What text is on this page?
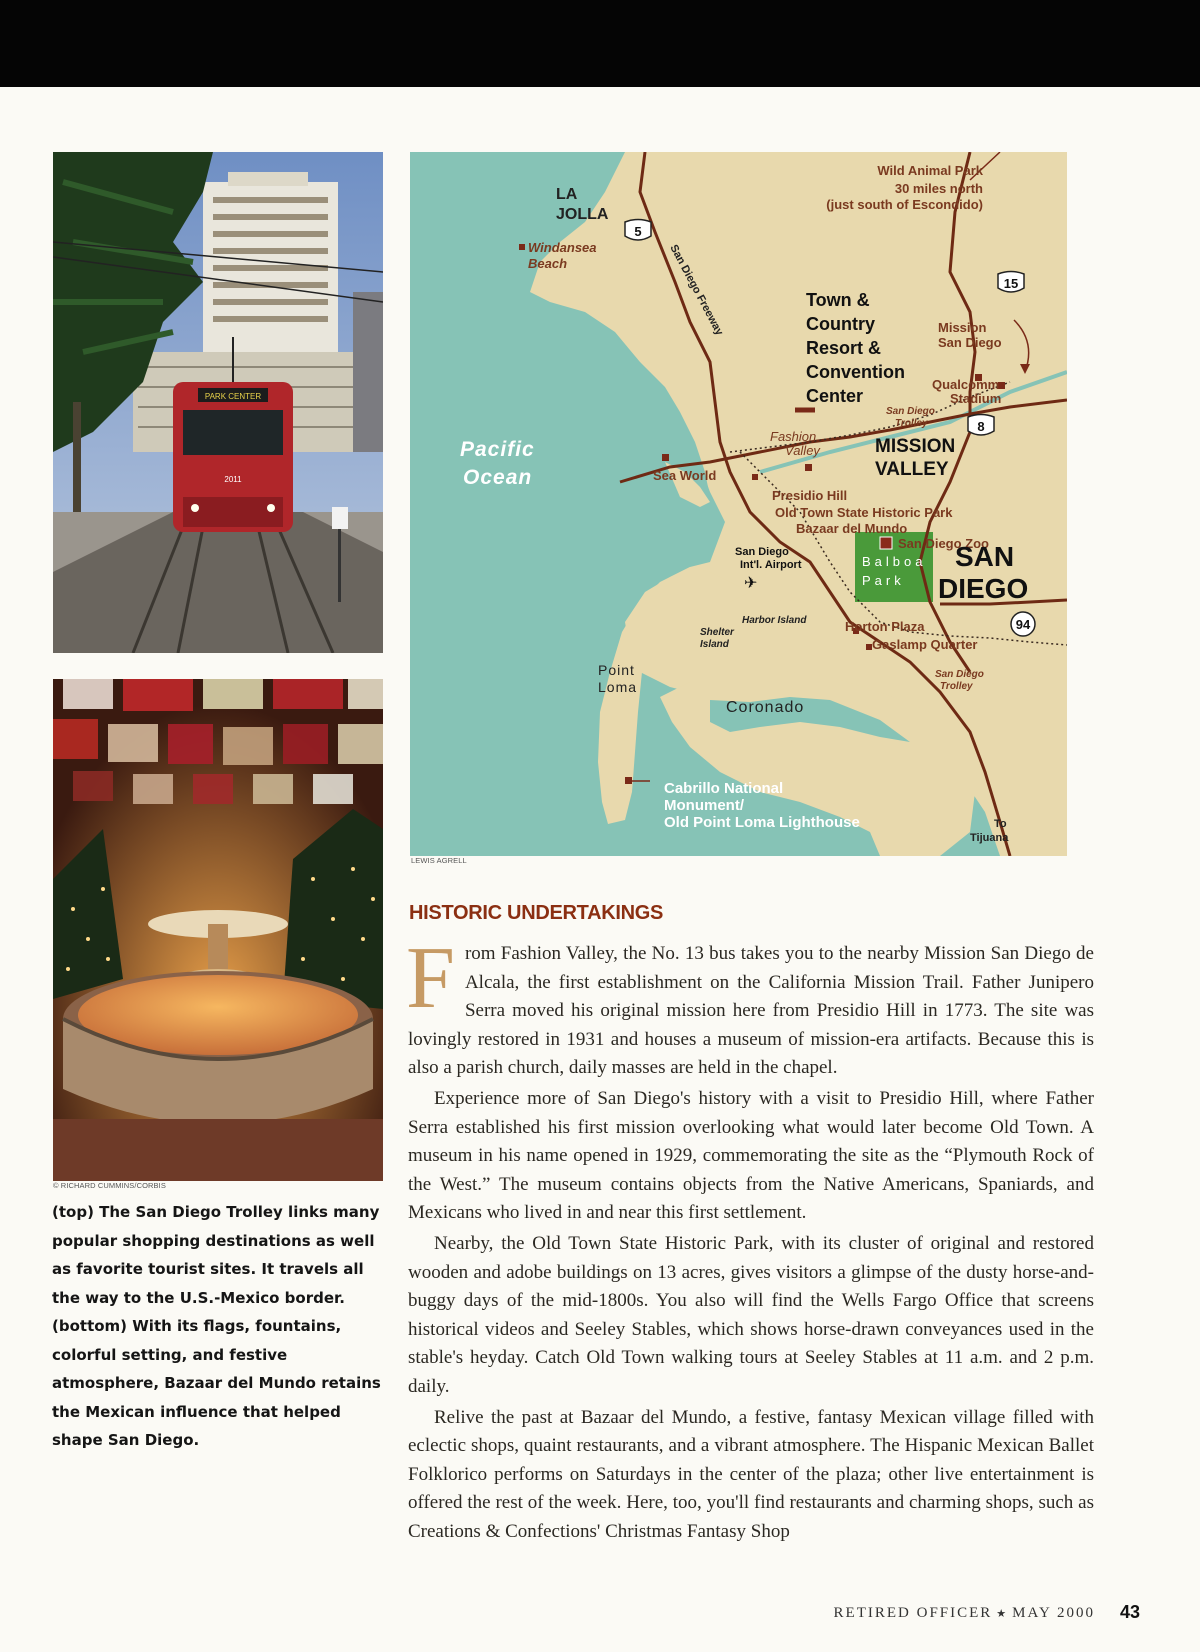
PARK CENTER
2011
© RICHARD CUMMINS/CORBIS

(top) The San Diego Trolley links many popular shopping destinations as well as favorite tourist sites. It travels all the way to the U.S.-Mexico border.

(bottom) With its flags, fountains, colorful setting, and festive atmosphere, Bazaar del Mundo retains the Mexican influence that helped shape San Diego.

5
15
8
94
LA
JOLLA
Windansea
Beach
Wild Animal Park
30 miles north
(just south of Escondido)
San Diego Freeway	Town &
Country
Resort &
Convention
Center
Mission
San Diego
Qualcomm
Stadium
San Diego
Trolley
Pacific
Ocean
Fashion
Valley	MISSION
VALLEY
Sea World
Presidio Hill
Old Town State Historic Park
Bazaar del Mundo
San Diego Zoo
Horton Plaza
Gaslamp Quarter
San Diego
Int'l. Airport
✈
Balboa
Park
SAN
DIEGO
Harbor Island
Shelter
Island
San Diego
Trolley
Point
Loma
Coronado
Cabrillo National
Monument/
Old Point Loma Lighthouse	To
Tijuana
LEWIS AGRELL
HISTORIC UNDERTAKINGS

From Fashion Valley, the No. 13 bus takes you to the nearby Mission San Diego de Alcala, the first establishment on the California Mission Trail. Father Junipero Serra moved his original mission here from Presidio Hill in 1773. The site was lovingly restored in 1931 and houses a museum of mission-era artifacts. Because this is also a parish church, daily masses are held in the chapel.

Experience more of San Diego's history with a visit to Presidio Hill, where Father Serra established his first mission overlooking what would later become Old Town. A museum in his name opened in 1929, commemorating the site as the “Plymouth Rock of the West.” The museum contains objects from the Native Americans, Spaniards, and Mexicans who lived in and near this first settlement.

Nearby, the Old Town State Historic Park, with its cluster of original and restored wooden and adobe buildings on 13 acres, gives visitors a glimpse of the dusty horse-and-buggy days of the mid-1800s. You also will find the Wells Fargo Office that screens historical videos and Seeley Stables, which shows horse-drawn conveyances used in the stable's heyday. Catch Old Town walking tours at Seeley Stables at 11 a.m. and 2 p.m. daily.

Relive the past at Bazaar del Mundo, a festive, fantasy Mexican village filled with eclectic shops, quaint restaurants, and a vibrant atmosphere. The Hispanic Mexican Ballet Folklorico performs on Saturdays in the center of the plaza; other live entertainment is offered the rest of the week. Here, too, you'll find restaurants and charming shops, such as Creations & Confections' Christmas Fantasy Shop

RETIRED OFFICER ★ MAY 2000 43
